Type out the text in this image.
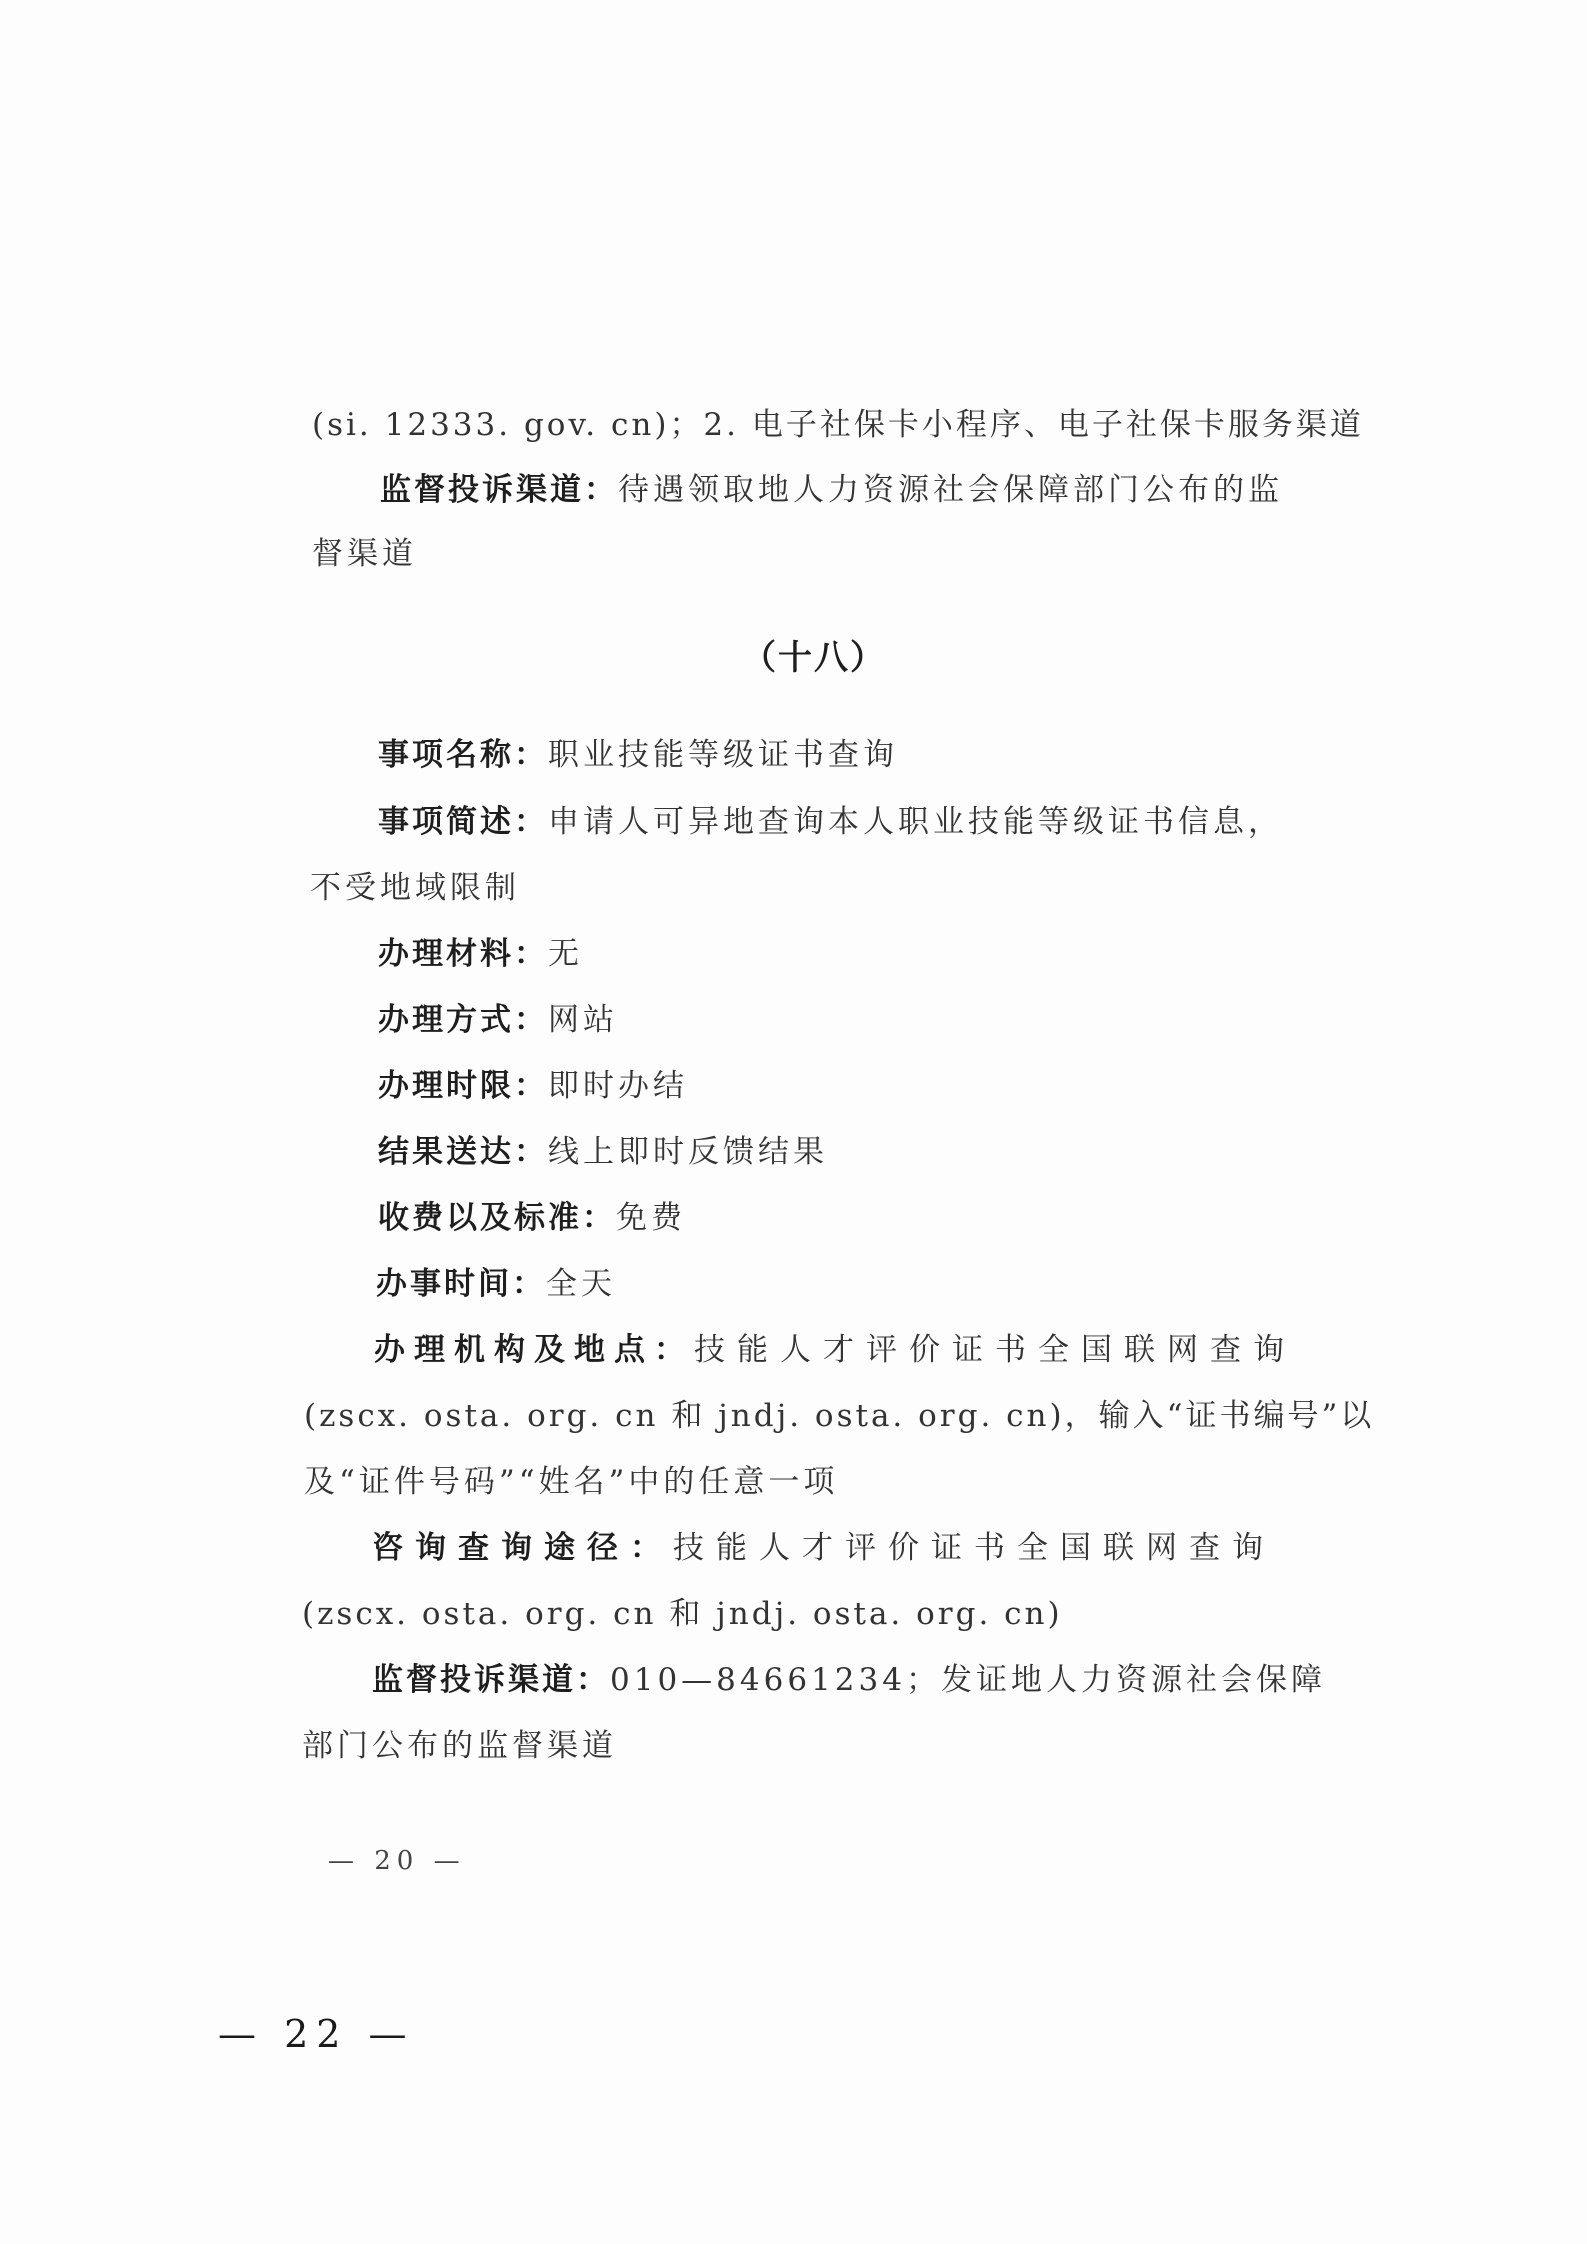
(si. 12333. gov. cn)；2. 电子社保卡小程序、电子社保卡服务渠道
监督投诉渠道：待遇领取地人力资源社会保障部门公布的监
督渠道
（十八）
事项名称：职业技能等级证书查询
事项简述：申请人可异地查询本人职业技能等级证书信息，
不受地域限制
办理材料：无
办理方式：网站
办理时限：即时办结
结果送达：线上即时反馈结果
收费以及标准：免费
办事时间：全天
办理机构及地点：技能人才评价证书全国联网查询
(zscx. osta. org. cn 和 jndj. osta. org. cn)，输入“证书编号”以
及“证件号码”“姓名”中的任意一项
咨询查询途径：技能人才评价证书全国联网查询
(zscx. osta. org. cn 和 jndj. osta. org. cn)
监督投诉渠道：010—84661234；发证地人力资源社会保障
部门公布的监督渠道
— 20 —
— 22 —
